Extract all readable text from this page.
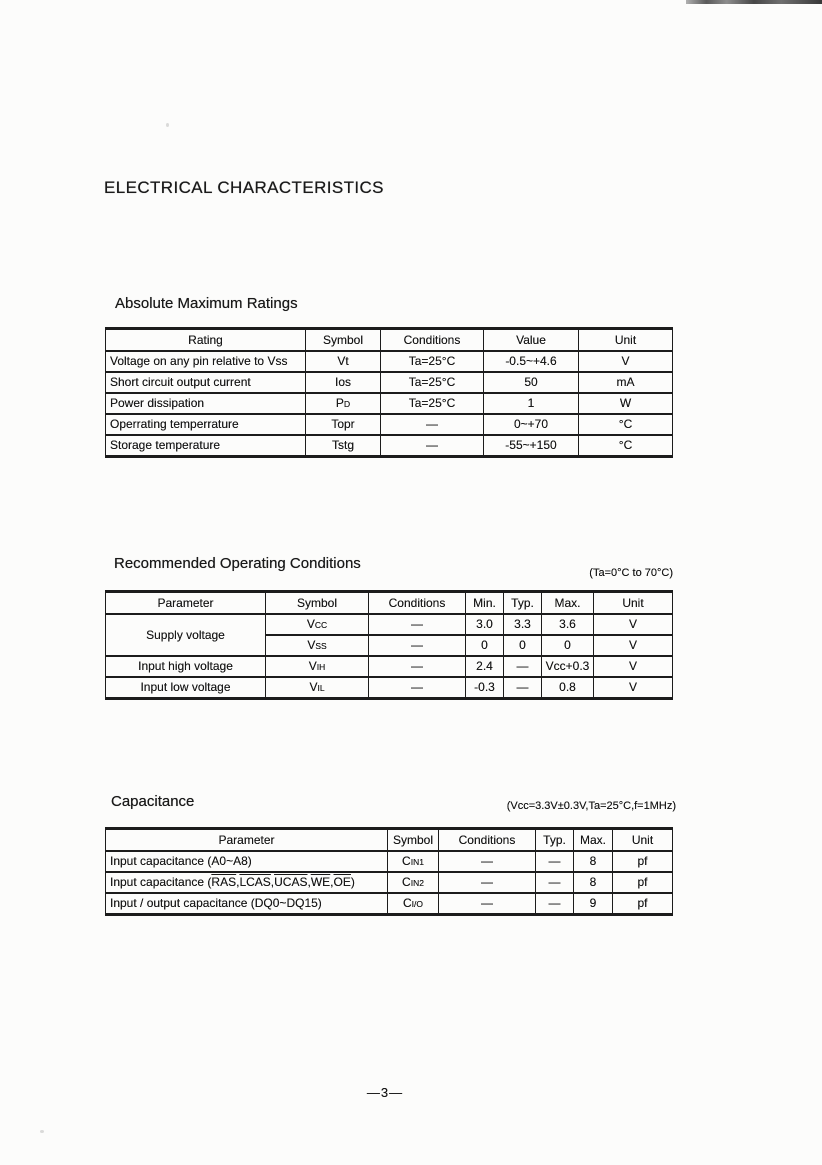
ELECTRICAL CHARACTERISTICS
Absolute Maximum Ratings
Rating	Symbol	Conditions	Value	Unit
Voltage on any pin relative to Vss	Vt	Ta=25°C	-0.5~+4.6	V
Short circuit output current	Ios	Ta=25°C	50	mA
Power dissipation	PD	Ta=25°C	1	W
Operrating temperrature	Topr	—	0~+70	°C
Storage temperature	Tstg	—	-55~+150	°C
Recommended Operating Conditions
(Ta=0°C to 70°C)
Parameter	Symbol	Conditions	Min.	Typ.	Max.	Unit
Supply voltage	VCC	—	3.0	3.3	3.6	V
	VSS	—	0	0	0	V
Input high voltage	VIH	—	2.4	—	Vcc+0.3	V
Input low voltage	VIL	—	-0.3	—	0.8	V
Capacitance	(Vcc=3.3V±0.3V,Ta=25°C,f=1MHz)
Parameter	Symbol	Conditions	Typ.	Max.	Unit
Input capacitance (A0~A8)	CIN1	—	—	8	pf
Input capacitance $(\overline{RAS},LCAS,UCAS,\overline{WE},\overline{OE})$	CIN2	—	—	8	pf
Input / output capacitance (DQ0~DQ15)	CI/O	—	—	9	pf
—3—
